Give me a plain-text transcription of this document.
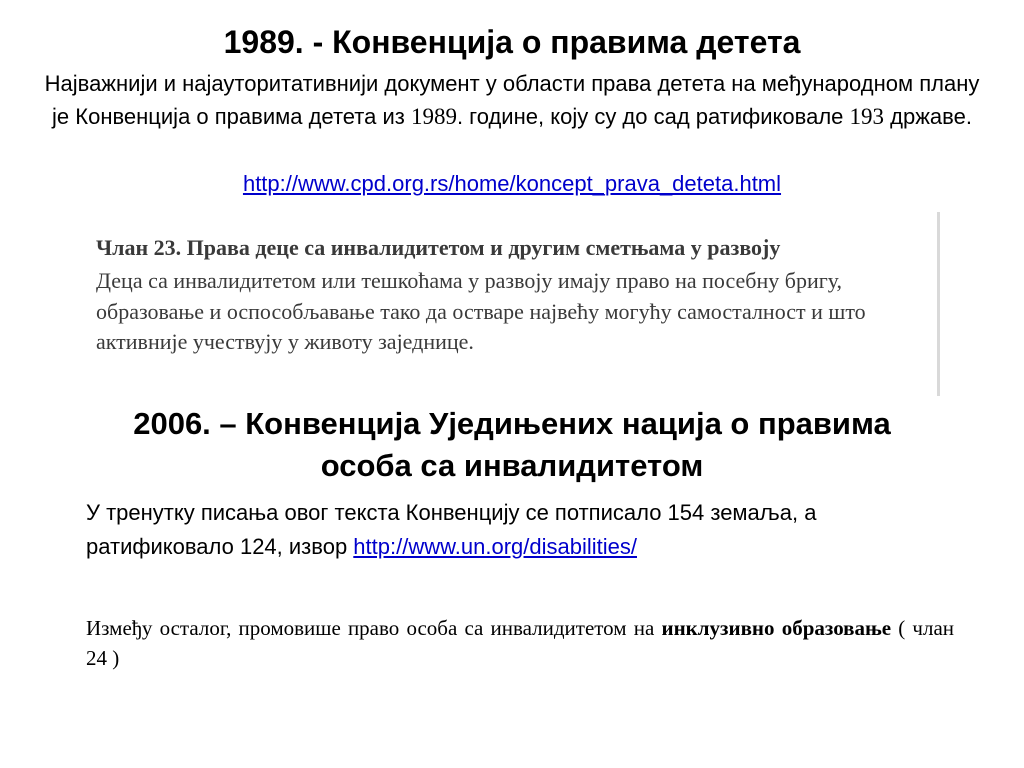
1989. - Конвенција о правима детета
Најважнији и најауторитативнији документ у области права детета на међународном плану је Конвенција о правима детета из 1989. године, коју су до сад ратификовале 193 државе.
http://www.cpd.org.rs/home/koncept_prava_deteta.html
Члан 23. Права деце са инвалидитетом и другим сметњама у развоју
Деца са инвалидитетом или тешкоћама у развоју имају право на посебну бригу, образовање и оспособљавање тако да остваре највећу могућу самосталност и што активније учествују у животу заједнице.
2006. – Конвенција Уједињених нација о правима особа са инвалидитетом
У тренутку писања овог текста Конвенцију се потписало 154 земаља, а ратификовало 124, извор http://www.un.org/disabilities/
Између осталог, промовише право особа са инвалидитетом на инклузивно образовање ( члан 24 )
